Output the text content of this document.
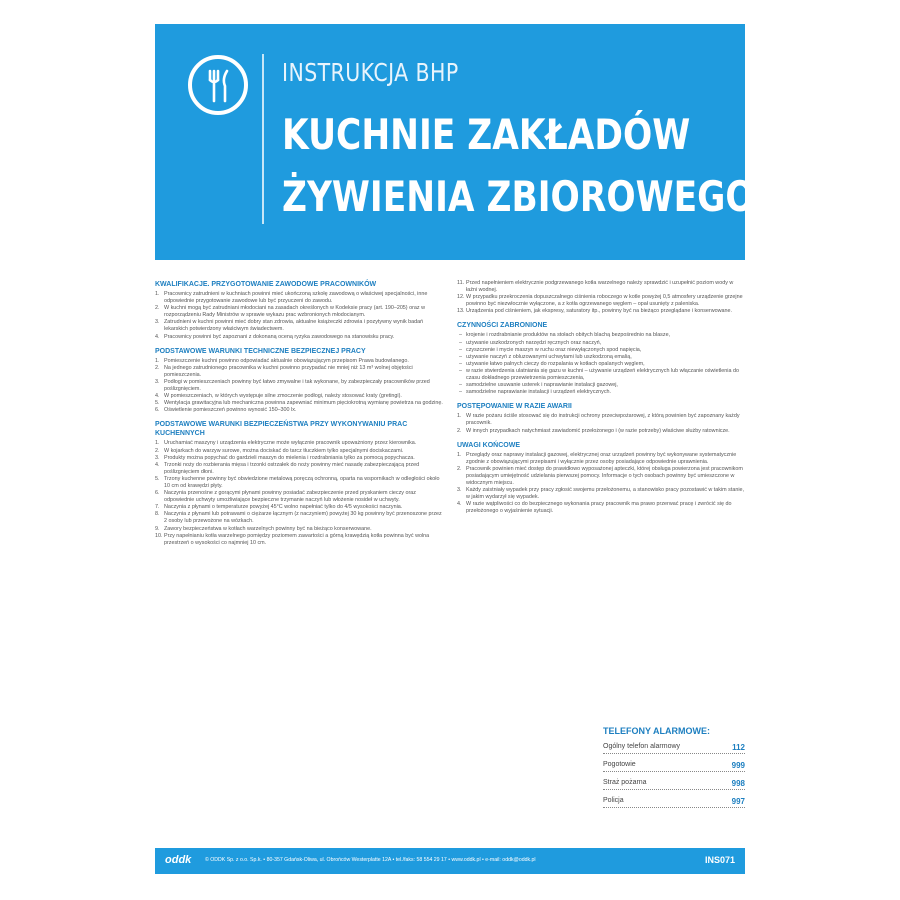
INSTRUKCJA BHP
KUCHNIE ZAKŁADÓW
ŻYWIENIA ZBIOROWEGO
KWALIFIKACJE. PRZYGOTOWANIE ZAWODOWE PRACOWNIKÓW
1. Pracownicy zatrudnieni w kuchniach powinni mieć ukończoną szkołę zawodową o właściwej specjalności, inne odpowiednie przygotowanie zawodowe lub być przyuczeni do zawodu.
2. W kuchni mogą być zatrudniani młodociani na zasadach określonych w Kodeksie pracy (art. 190–205) oraz w rozporządzeniu Rady Ministrów w sprawie wykazu prac wzbronionych młodocianym.
3. Zatrudnieni w kuchni powinni mieć dobry stan zdrowia, aktualne książeczki zdrowia i pozytywny wynik badań lekarskich potwierdzony właściwym świadectwem.
4. Pracownicy powinni być zapoznani z dokonaną oceną ryzyka zawodowego na stanowisku pracy.
PODSTAWOWE WARUNKI TECHNICZNE BEZPIECZNEJ PRACY
1. Pomieszczenie kuchni powinno odpowiadać aktualnie obowiązującym przepisom Prawa budowlanego.
2. Na jednego zatrudnionego pracownika w kuchni powinno przypadać nie mniej niż 13 m³ wolnej objętości pomieszczenia.
3. Podłogi w pomieszczeniach powinny być łatwo zmywalne i tak wykonane, by zabezpieczały pracowników przed poślizgnięciem.
4. W pomieszczeniach, w których występuje silne zmoczenie podłogi, należy stosować kraty (gretingi).
5. Wentylacja grawitacyjna lub mechaniczna powinna zapewniać minimum pięciokrotną wymianę powietrza na godzinę.
6. Oświetlenie pomieszczeń powinno wynosić 150–300 lx.
PODSTAWOWE WARUNKI BEZPIECZEŃSTWA PRZY WYKONYWANIU PRAC KUCHENNYCH
1. Uruchamiać maszyny i urządzenia elektryczne może wyłącznie pracownik upoważniony przez kierownika.
2. W kojarkach do warzyw surowe, można dociskać do tarcz tłuczkiem tylko specjalnymi dociskaczami.
3. Produkty można popychać do gardzieli maszyn do mielenia i rozdrabniania tylko za pomocą popychacza.
4. Trzonki noży do rozbierania mięsa i trzonki ostrzałek do noży powinny mieć nasadę zabezpieczającą przed poślizgnięciem dłoni.
5. Trzony kuchenne powinny być obwiedzione metalową poręczą ochronną, oparta na wspornikach w odległości około 10 cm od krawędzi płyty.
6. Naczynia przenośne z gorącymi płynami powinny posiadać zabezpieczenie przed pryskaniem cieczy oraz odpowiednie uchwyty umożliwiające bezpieczne trzymanie naczyń lub włożenie nosideł w uchwyty.
7. Naczynia z płynami o temperaturze powyżej 45°C wolno napełniać tylko do 4/5 wysokości naczynia.
8. Naczynia z płynami lub potrawami o ciężarze łącznym (z naczyniem) powyżej 30 kg powinny być przenoszone przez 2 osoby lub przewożone na wózkach.
9. Zawory bezpieczeństwa w kotłach warzelnych powinny być na bieżąco konserwowane.
10. Przy napełnianiu kotła warzelnego pomiędzy poziomem zawartości a górną krawędzią kotła powinna być wolna przestrzeń o wysokości co najmniej 10 cm.
11. Przed napełnieniem elektrycznie podgrzewanego kotła warzelnego należy sprawdzić i uzupełnić poziom wody w łaźni wodnej.
12. W przypadku przekroczenia dopuszczalnego ciśnienia roboczego w kotle powyżej 0,5 atmosfery urządzenie grzejne powinno być niezwłocznie wyłączone, a z kotła ogrzewanego węglem – opał usunięty z paleniska.
13. Urządzenia pod ciśnieniem, jak ekspresy, saturatory itp., powinny być na bieżąco przeglądane i konserwowane.
CZYNNOŚCI ZABRONIONE
– krojenie i rozdrabnianie produktów na stołach obitych blachą bezpośrednio na blasze,
– używanie uszkodzonych narzędzi ręcznych oraz naczyń,
– czyszczenie i mycie maszyn w ruchu oraz niewyłączonych spod napięcia,
– używanie naczyń z obluzowanymi uchwytami lub uszkodzoną emalią,
– używanie łatwo palnych cieczy do rozpalania w kotłach opalanych węglem,
– w razie stwierdzenia ulatniania się gazu w kuchni – używanie urządzeń elektrycznych lub włączanie oświetlenia do czasu dokładnego przewietrzenia pomieszczenia,
– samodzielne usuwanie usterek i naprawianie instalacji gazowej,
– samodzielne naprawianie instalacji i urządzeń elektrycznych.
POSTĘPOWANIE W RAZIE AWARII
1. W razie pożaru ściśle stosować się do instrukcji ochrony przeciwpożarowej, z którą powinien być zapoznany każdy pracownik.
2. W innych przypadkach natychmiast zawiadomić przełożonego i (w razie potrzeby) właściwe służby ratownicze.
UWAGI KOŃCOWE
1. Przeglądy oraz naprawy instalacji gazowej, elektrycznej oraz urządzeń powinny być wykonywane systematycznie zgodnie z obowiązującymi przepisami i wyłącznie przez osoby posiadające odpowiednie uprawnienia.
2. Pracownik powinien mieć dostęp do prawidłowo wyposażonej apteczki, której obsługa powierzona jest pracownikom posiadającym umiejętność udzielania pierwszej pomocy. Informacje o tych osobach powinny być umieszczone w widocznym miejscu.
3. Każdy zaistniały wypadek przy pracy zgłosić swojemu przełożonemu, a stanowisko pracy pozostawić w takim stanie, w jakim wydarzył się wypadek.
4. W razie wątpliwości co do bezpiecznego wykonania pracy pracownik ma prawo przerwać pracę i zwrócić się do przełożonego o wyjaśnienie sytuacji.
TELEFONY ALARMOWE:
Ogólny telefon alarmowy	112
Pogotowie	999
Straż pożarna	998
Policja	997
oddk	© ODDK Sp. z o.o. Sp.k. • 80-357 Gdańsk-Oliwa, ul. Obrońców Westerplatte 12A • tel./faks: 58 554 29 17 • www.oddk.pl • e-mail: oddk@oddk.pl	INS071
